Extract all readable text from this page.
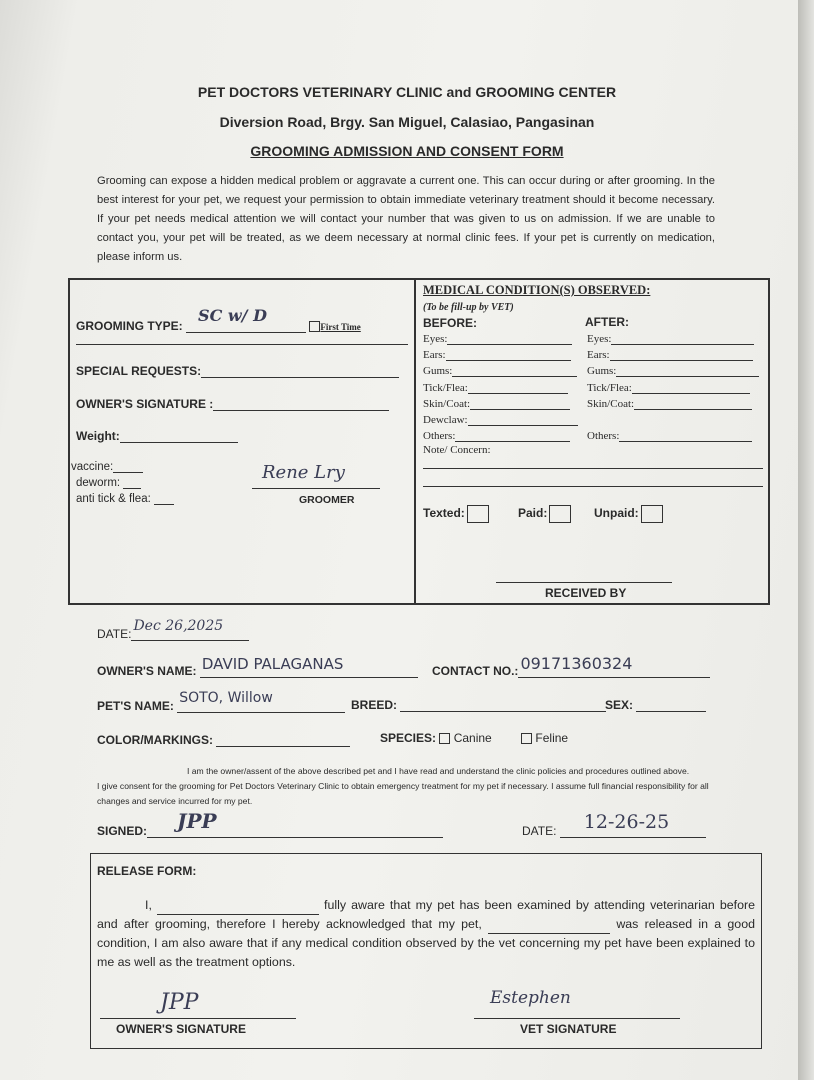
PET DOCTORS VETERINARY CLINIC and GROOMING CENTER
Diversion Road, Brgy. San Miguel, Calasiao, Pangasinan
GROOMING ADMISSION AND CONSENT FORM
Grooming can expose a hidden medical problem or aggravate a current one. This can occur during or after grooming. In the best interest for your pet, we request your permission to obtain immediate veterinary treatment should it become necessary. If your pet needs medical attention we will contact your number that was given to us on admission. If we are unable to contact you, your pet will be treated, as we deem necessary at normal clinic fees. If your pet is currently on medication, please inform us.
GROOMING TYPE:
SC w/ D
First Time
SPECIAL REQUESTS:
OWNER'S SIGNATURE :
Weight:
vaccine:
deworm:
anti tick & flea:
Rene Lry
GROOMER
MEDICAL CONDITION(S) OBSERVED:
(To be fill-up by VET)
BEFORE:	AFTER:
Eyes:	Eyes:
Ears:	Ears:
Gums:	Gums:
Tick/Flea:	Tick/Flea:
Skin/Coat:	Skin/Coat:
Dewclaw:
Others:	Others:
Note/ Concern:
Texted:	Paid:	Unpaid:
RECEIVED BY
DATE: Dec 26,2025
OWNER'S NAME: DAVID PALAGANAS	CONTACT NO.: 09171360324
PET'S NAME: SOTO, Willow	BREED:	SEX:
COLOR/MARKINGS:	SPECIES: Canine	Feline
I am the owner/assent of the above described pet and I have read and understand the clinic policies and procedures outlined above.
I give consent for the grooming for Pet Doctors Veterinary Clinic to obtain emergency treatment for my pet if necessary. I assume full financial responsibility for all changes and service incurred for my pet.
SIGNED: JPP	DATE: 12-26-25
RELEASE FORM:
I,	fully aware that my pet has been examined by attending veterinarian before and after grooming, therefore I hereby acknowledged that my pet,	was released in a good condition, I am also aware that if any medical condition observed by the vet concerning my pet have been explained to me as well as the treatment options.
JPP
OWNER'S SIGNATURE
Estephen
VET SIGNATURE
